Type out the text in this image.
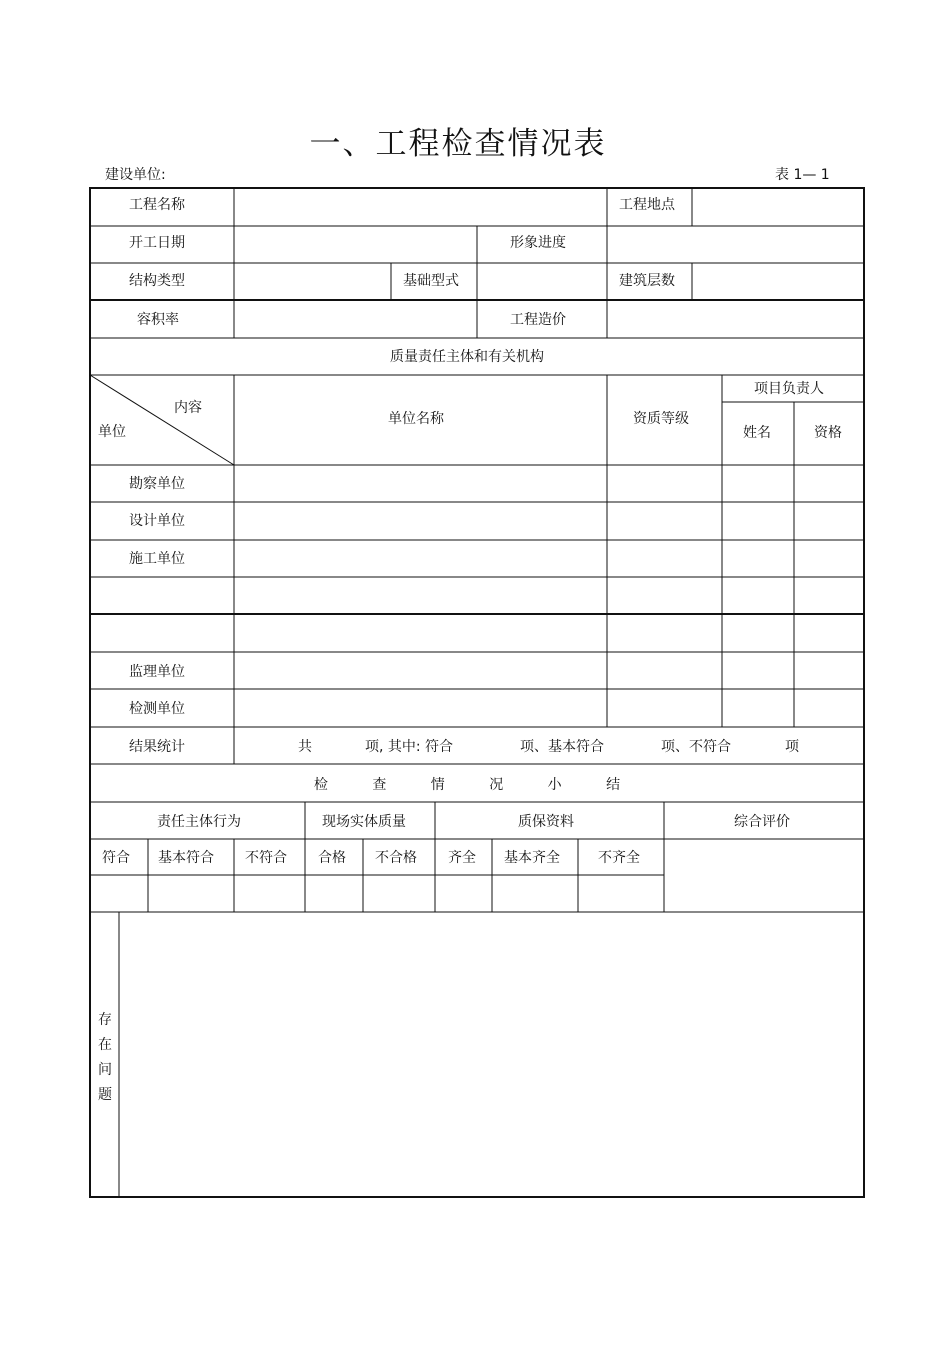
一、工程检查情况表
建设单位:	表 1— 1
工程名称	工程地点
开工日期	形象进度
结构类型	基础型式	建筑层数
容积率	工程造价
质量责任主体和有关机构
内容
单位
单位名称	资质等级
项目负责人
姓名	资格
勘察单位
设计单位
施工单位
监理单位
检测单位
结果统计	共	项, 其中: 符合	项、基本符合	项、不符合	项
检 查 情 况 小 结
责任主体行为	现场实体质量	质保资料	综合评价
符合 基本符合 不符合 合格 不合格 齐全 基本齐全	不齐全
存在问题
